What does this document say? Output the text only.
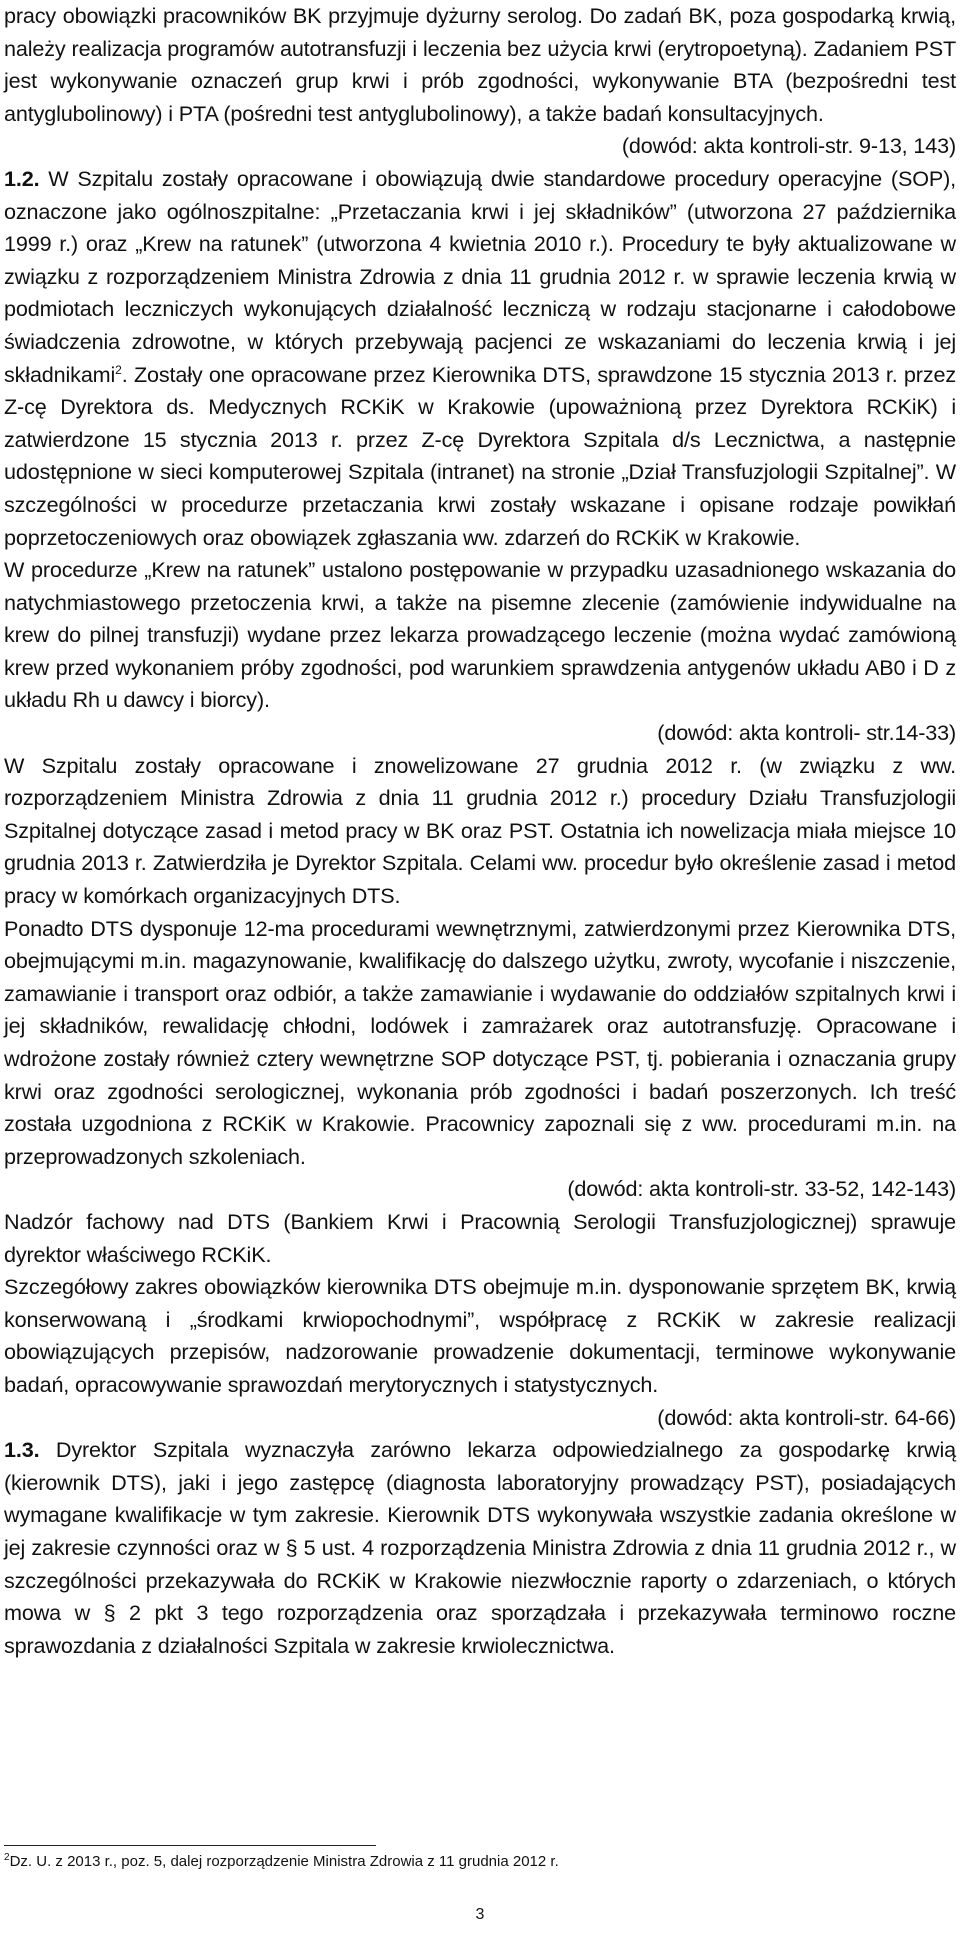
pracy obowiązki pracowników BK przyjmuje dyżurny serolog. Do zadań BK, poza gospodarką krwią, należy realizacja programów autotransfuzji i leczenia bez użycia krwi (erytropoetyną). Zadaniem PST jest wykonywanie oznaczeń grup krwi i prób zgodności, wykonywanie BTA (bezpośredni test antyglubolinowy) i PTA (pośredni test antyglubolinowy), a także badań konsultacyjnych.

(dowód: akta kontroli-str. 9-13, 143)

1.2. W Szpitalu zostały opracowane i obowiązują dwie standardowe procedury operacyjne (SOP), oznaczone jako ogólnoszpitalne: „Przetaczania krwi i jej składników” (utworzona 27 października 1999 r.) oraz „Krew na ratunek” (utworzona 4 kwietnia 2010 r.). Procedury te były aktualizowane w związku z rozporządzeniem Ministra Zdrowia z dnia 11 grudnia 2012 r. w sprawie leczenia krwią w podmiotach leczniczych wykonujących działalność leczniczą w rodzaju stacjonarne i całodobowe świadczenia zdrowotne, w których przebywają pacjenci ze wskazaniami do leczenia krwią i jej składnikami$^2$. Zostały one opracowane przez Kierownika DTS, sprawdzone 15 stycznia 2013 r. przez Z-cę Dyrektora ds. Medycznych RCKiK w Krakowie (upoważnioną przez Dyrektora RCKiK) i zatwierdzone 15 stycznia 2013 r. przez Z-cę Dyrektora Szpitala d/s Lecznictwa, a następnie udostępnione w sieci komputerowej Szpitala (intranet) na stronie „Dział Transfuzjologii Szpitalnej”. W szczególności w procedurze przetaczania krwi zostały wskazane i opisane rodzaje powikłań poprzetoczeniowych oraz obowiązek zgłaszania ww. zdarzeń do RCKiK w Krakowie.

W procedurze „Krew na ratunek” ustalono postępowanie w przypadku uzasadnionego wskazania do natychmiastowego przetoczenia krwi, a także na pisemne zlecenie (zamówienie indywidualne na krew do pilnej transfuzji) wydane przez lekarza prowadzącego leczenie (można wydać zamówioną krew przed wykonaniem próby zgodności, pod warunkiem sprawdzenia antygenów układu AB0 i D z układu Rh u dawcy i biorcy).

(dowód: akta kontroli- str.14-33)

W Szpitalu zostały opracowane i znowelizowane 27 grudnia 2012 r. (w związku z ww. rozporządzeniem Ministra Zdrowia z dnia 11 grudnia 2012 r.) procedury Działu Transfuzjologii Szpitalnej dotyczące zasad i metod pracy w BK oraz PST. Ostatnia ich nowelizacja miała miejsce 10 grudnia 2013 r. Zatwierdziła je Dyrektor Szpitala. Celami ww. procedur było określenie zasad i metod pracy w komórkach organizacyjnych DTS.

Ponadto DTS dysponuje 12-ma procedurami wewnętrznymi, zatwierdzonymi przez Kierownika DTS, obejmującymi m.in. magazynowanie, kwalifikację do dalszego użytku, zwroty, wycofanie i niszczenie, zamawianie i transport oraz odbiór, a także zamawianie i wydawanie do oddziałów szpitalnych krwi i jej składników, rewalidację chłodni, lodówek i zamrażarek oraz autotransfuzję. Opracowane i wdrożone zostały również cztery wewnętrzne SOP dotyczące PST, tj. pobierania i oznaczania grupy krwi oraz zgodności serologicznej, wykonania prób zgodności i badań poszerzonych. Ich treść została uzgodniona z RCKiK w Krakowie. Pracownicy zapoznali się z ww. procedurami m.in. na przeprowadzonych szkoleniach.

(dowód: akta kontroli-str. 33-52, 142-143)

Nadzór fachowy nad DTS (Bankiem Krwi i Pracownią Serologii Transfuzjologicznej) sprawuje dyrektor właściwego RCKiK.

Szczegółowy zakres obowiązków kierownika DTS obejmuje m.in. dysponowanie sprzętem BK, krwią konserwowaną i „środkami krwiopochodnymi”, współpracę z RCKiK w zakresie realizacji obowiązujących przepisów, nadzorowanie prowadzenie dokumentacji, terminowe wykonywanie badań, opracowywanie sprawozdań merytorycznych i statystycznych.

(dowód: akta kontroli-str. 64-66)

1.3. Dyrektor Szpitala wyznaczyła zarówno lekarza odpowiedzialnego za gospodarkę krwią (kierownik DTS), jaki i jego zastępcę (diagnosta laboratoryjny prowadzący PST), posiadających wymagane kwalifikacje w tym zakresie. Kierownik DTS wykonywała wszystkie zadania określone w jej zakresie czynności oraz w § 5 ust. 4 rozporządzenia Ministra Zdrowia z dnia 11 grudnia 2012 r., w szczególności przekazywała do RCKiK w Krakowie niezwłocznie raporty o zdarzeniach, o których mowa w § 2 pkt 3 tego rozporządzenia oraz sporządzała i przekazywała terminowo roczne sprawozdania z działalności Szpitala w zakresie krwiolecznictwa.

$^2$Dz. U. z 2013 r., poz. 5, dalej rozporządzenie Ministra Zdrowia z 11 grudnia 2012 r.

3
